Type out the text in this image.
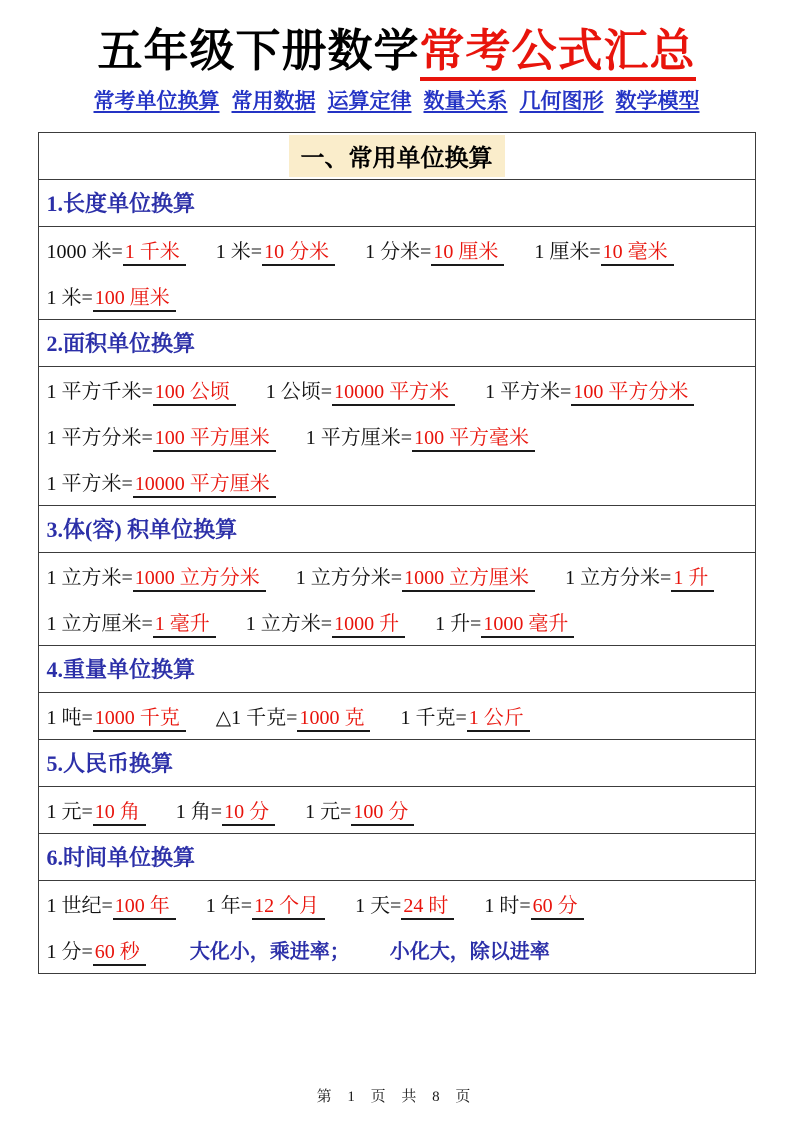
五年级下册数学常考公式汇总
常考单位换算 常用数据 运算定律 数量关系 几何图形 数学模型
一、常用单位换算
1.长度单位换算
1000 米= 1 千米	1 米= 10 分米	1 分米= 10 厘米	1 厘米= 10 毫米
1 米= 100 厘米
2.面积单位换算
1 平方千米= 100 公顷	1 公顷= 10000 平方米	1 平方米= 100 平方分米
1 平方分米= 100 平方厘米	1 平方厘米= 100 平方毫米
1 平方米= 10000 平方厘米
3.体(容) 积单位换算
1 立方米= 1000 立方分米	1 立方分米= 1000 立方厘米	1 立方分米= 1 升
1 立方厘米= 1 毫升	1 立方米= 1000 升	1 升= 1000 毫升
4.重量单位换算
1 吨= 1000 千克	△1 千克= 1000 克	1 千克= 1 公斤
5.人民币换算
1 元= 10 角	1 角= 10 分	1 元= 100 分
6.时间单位换算
1 世纪= 100 年	1 年= 12 个月	1 天= 24 时	1 时= 60 分
1 分= 60 秒	大化小，乘进率； 小化大，除以进率
第 1 页 共 8 页
